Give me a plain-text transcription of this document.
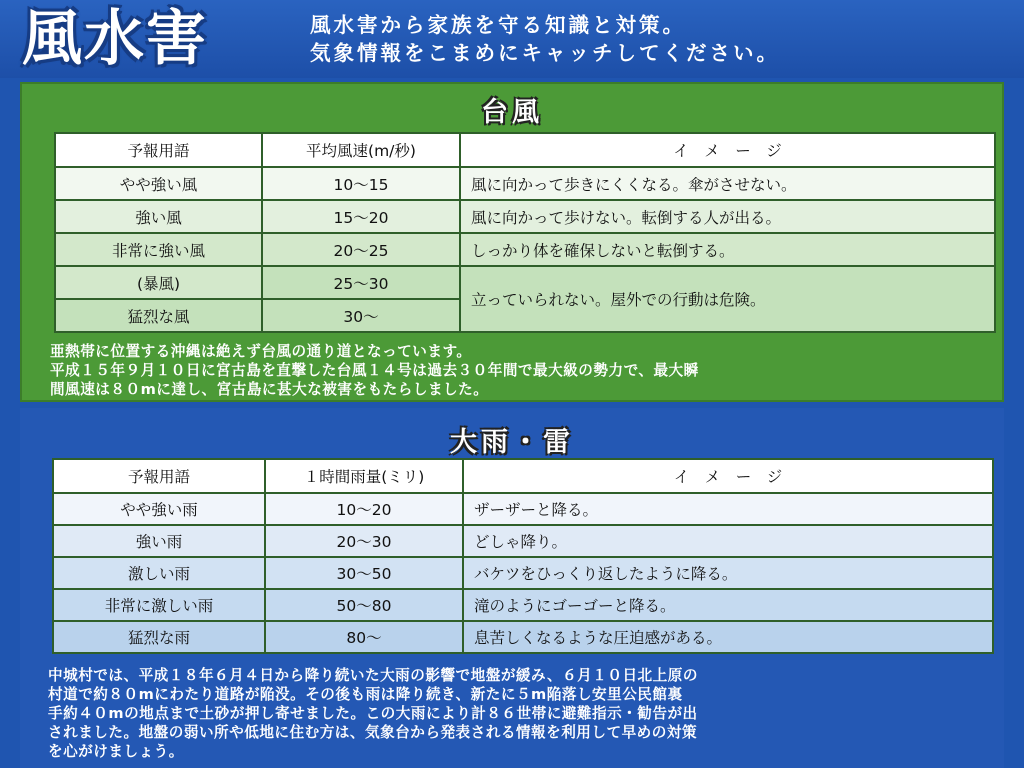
風水害	風水害から家族を守る知識と対策。
気象情報をこまめにキャッチしてください。
台風
予報用語	平均風速(m/秒)	イ　メ　ー　ジ
やや強い風	10〜15	風に向かって歩きにくくなる。傘がさせない。
強い風	15〜20	風に向かって歩けない。転倒する人が出る。
非常に強い風	20〜25	しっかり体を確保しないと転倒する。
(暴風)	25〜30	立っていられない。屋外での行動は危険。
猛烈な風	30〜	
亜熱帯に位置する沖縄は絶えず台風の通り道となっています。
平成１５年９月１０日に宮古島を直撃した台風１４号は過去３０年間で最大級の勢力で、最大瞬
間風速は８０mに達し、宮古島に甚大な被害をもたらしました。
大雨・雷
予報用語	１時間雨量(ミリ)	イ　メ　ー　ジ
やや強い雨	10〜20	ザーザーと降る。
強い雨	20〜30	どしゃ降り。
激しい雨	30〜50	バケツをひっくり返したように降る。
非常に激しい雨	50〜80	滝のようにゴーゴーと降る。
猛烈な雨	80〜	息苦しくなるような圧迫感がある。
中城村では、平成１８年６月４日から降り続いた大雨の影響で地盤が緩み、６月１０日北上原の
村道で約８０mにわたり道路が陥没。その後も雨は降り続き、新たに５m陥落し安里公民館裏
手約４０mの地点まで土砂が押し寄せました。この大雨により計８６世帯に避難指示・勧告が出
されました。地盤の弱い所や低地に住む方は、気象台から発表される情報を利用して早めの対策
を心がけましょう。
